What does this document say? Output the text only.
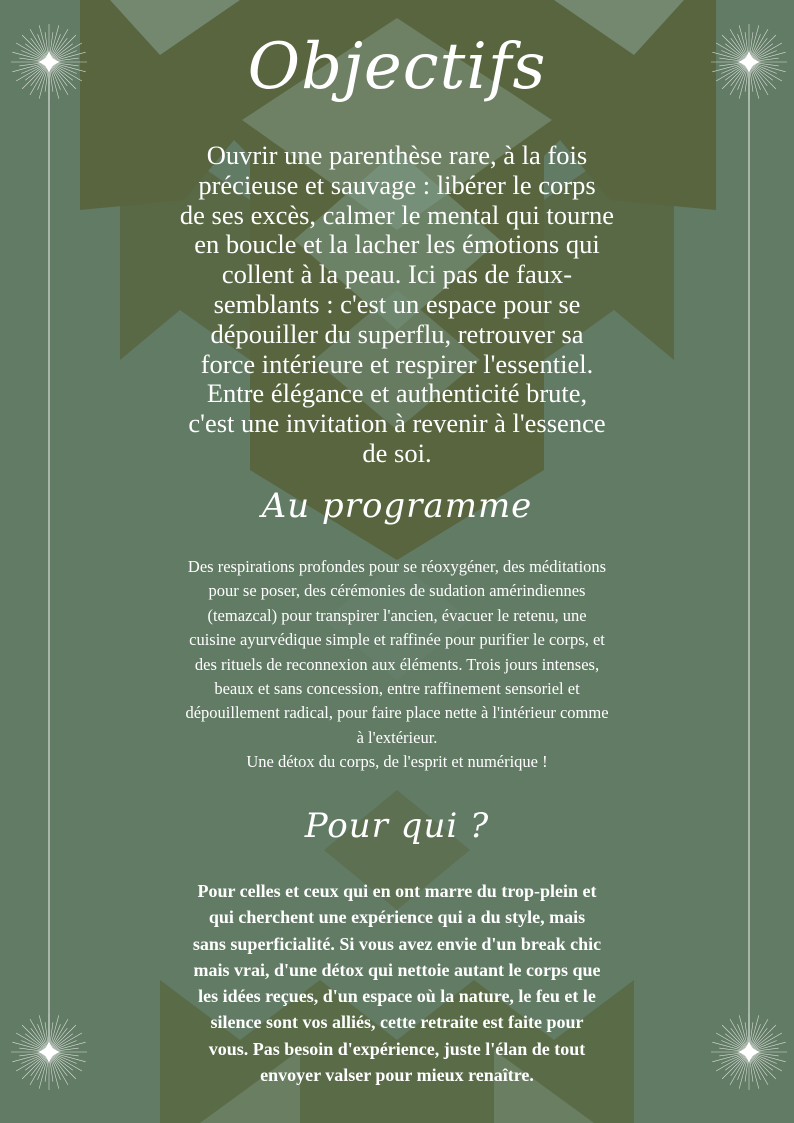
Objectifs
Ouvrir une parenthèse rare, à la fois
précieuse et sauvage : libérer le corps
de ses excès, calmer le mental qui tourne
en boucle et la lacher les émotions qui
collent à la peau. Ici pas de faux-
semblants : c'est un espace pour se
dépouiller du superflu, retrouver sa
force intérieure et respirer l'essentiel.
Entre élégance et authenticité brute,
c'est une invitation à revenir à l'essence
de soi.
Au programme
Des respirations profondes pour se réoxygéner, des méditations
pour se poser, des cérémonies de sudation amérindiennes
(temazcal) pour transpirer l'ancien, évacuer le retenu, une
cuisine ayurvédique simple et raffinée pour purifier le corps, et
des rituels de reconnexion aux éléments. Trois jours intenses,
beaux et sans concession, entre raffinement sensoriel et
dépouillement radical, pour faire place nette à l'intérieur comme
à l'extérieur.
Une détox du corps, de l'esprit et numérique !
Pour qui ?
Pour celles et ceux qui en ont marre du trop-plein et
qui cherchent une expérience qui a du style, mais
sans superficialité. Si vous avez envie d'un break chic
mais vrai, d'une détox qui nettoie autant le corps que
les idées reçues, d'un espace où la nature, le feu et le
silence sont vos alliés, cette retraite est faite pour
vous. Pas besoin d'expérience, juste l'élan de tout
envoyer valser pour mieux renaître.
